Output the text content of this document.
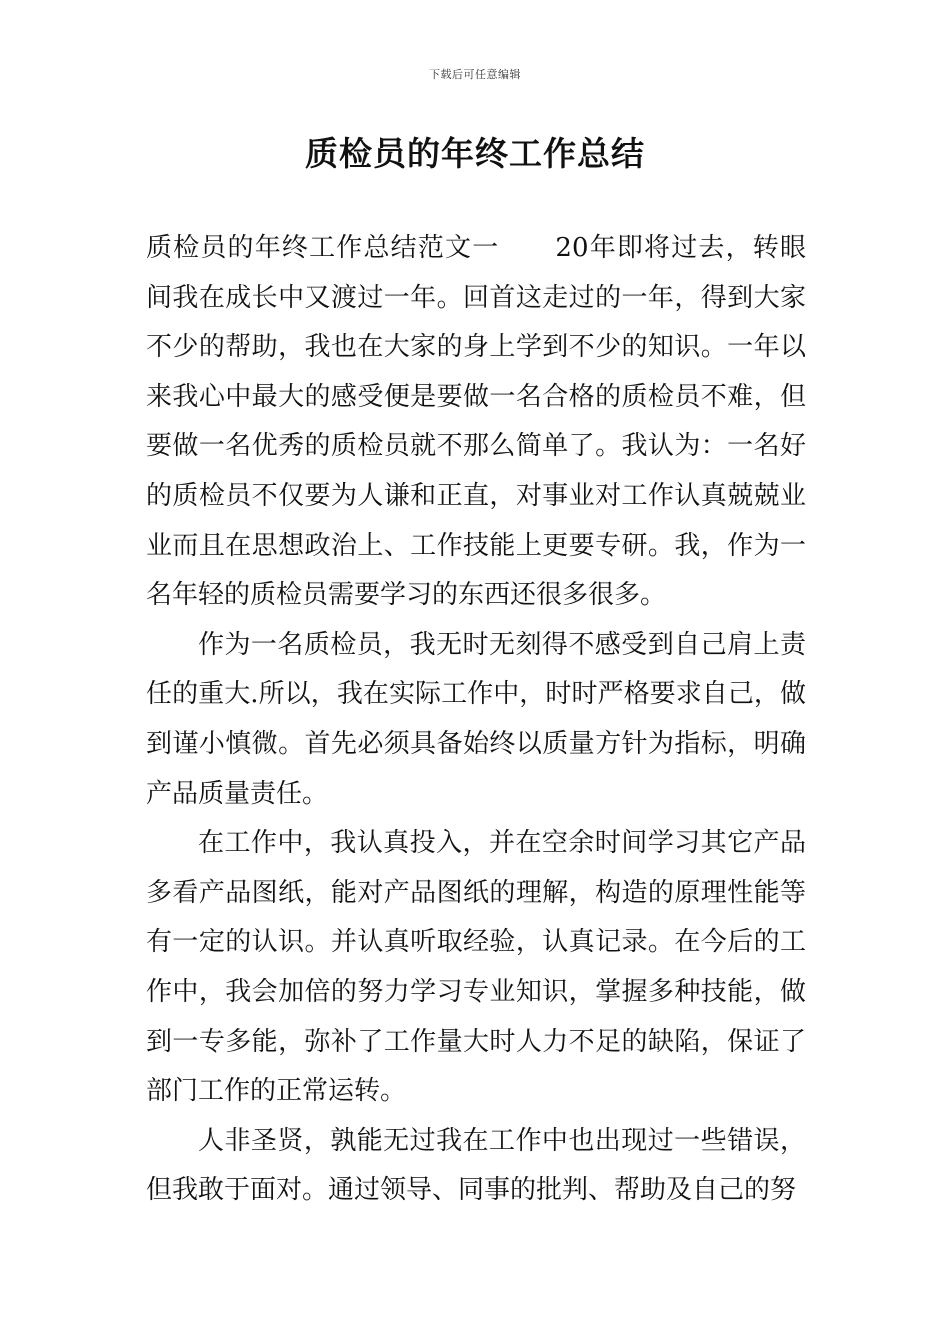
下载后可任意编辑
质检员的年终工作总结

质检员的年终工作总结范文一 20年即将过去，转眼间我在成长中又渡过一年。回首这走过的一年，得到大家不少的帮助，我也在大家的身上学到不少的知识。一年以来我心中最大的感受便是要做一名合格的质检员不难，但要做一名优秀的质检员就不那么简单了。我认为：一名好的质检员不仅要为人谦和正直，对事业对工作认真兢兢业业而且在思想政治上、工作技能上更要专研。我，作为一名年轻的质检员需要学习的东西还很多很多。

作为一名质检员，我无时无刻得不感受到自己肩上责任的重大.所以，我在实际工作中，时时严格要求自己，做到谨小慎微。首先必须具备始终以质量方针为指标，明确产品质量责任。

在工作中，我认真投入，并在空余时间学习其它产品多看产品图纸，能对产品图纸的理解，构造的原理性能等有一定的认识。并认真听取经验，认真记录。在今后的工作中，我会加倍的努力学习专业知识，掌握多种技能，做到一专多能，弥补了工作量大时人力不足的缺陷，保证了部门工作的正常运转。

人非圣贤，孰能无过我在工作中也出现过一些错误，但我敢于面对。通过领导、同事的批判、帮助及自己的努
